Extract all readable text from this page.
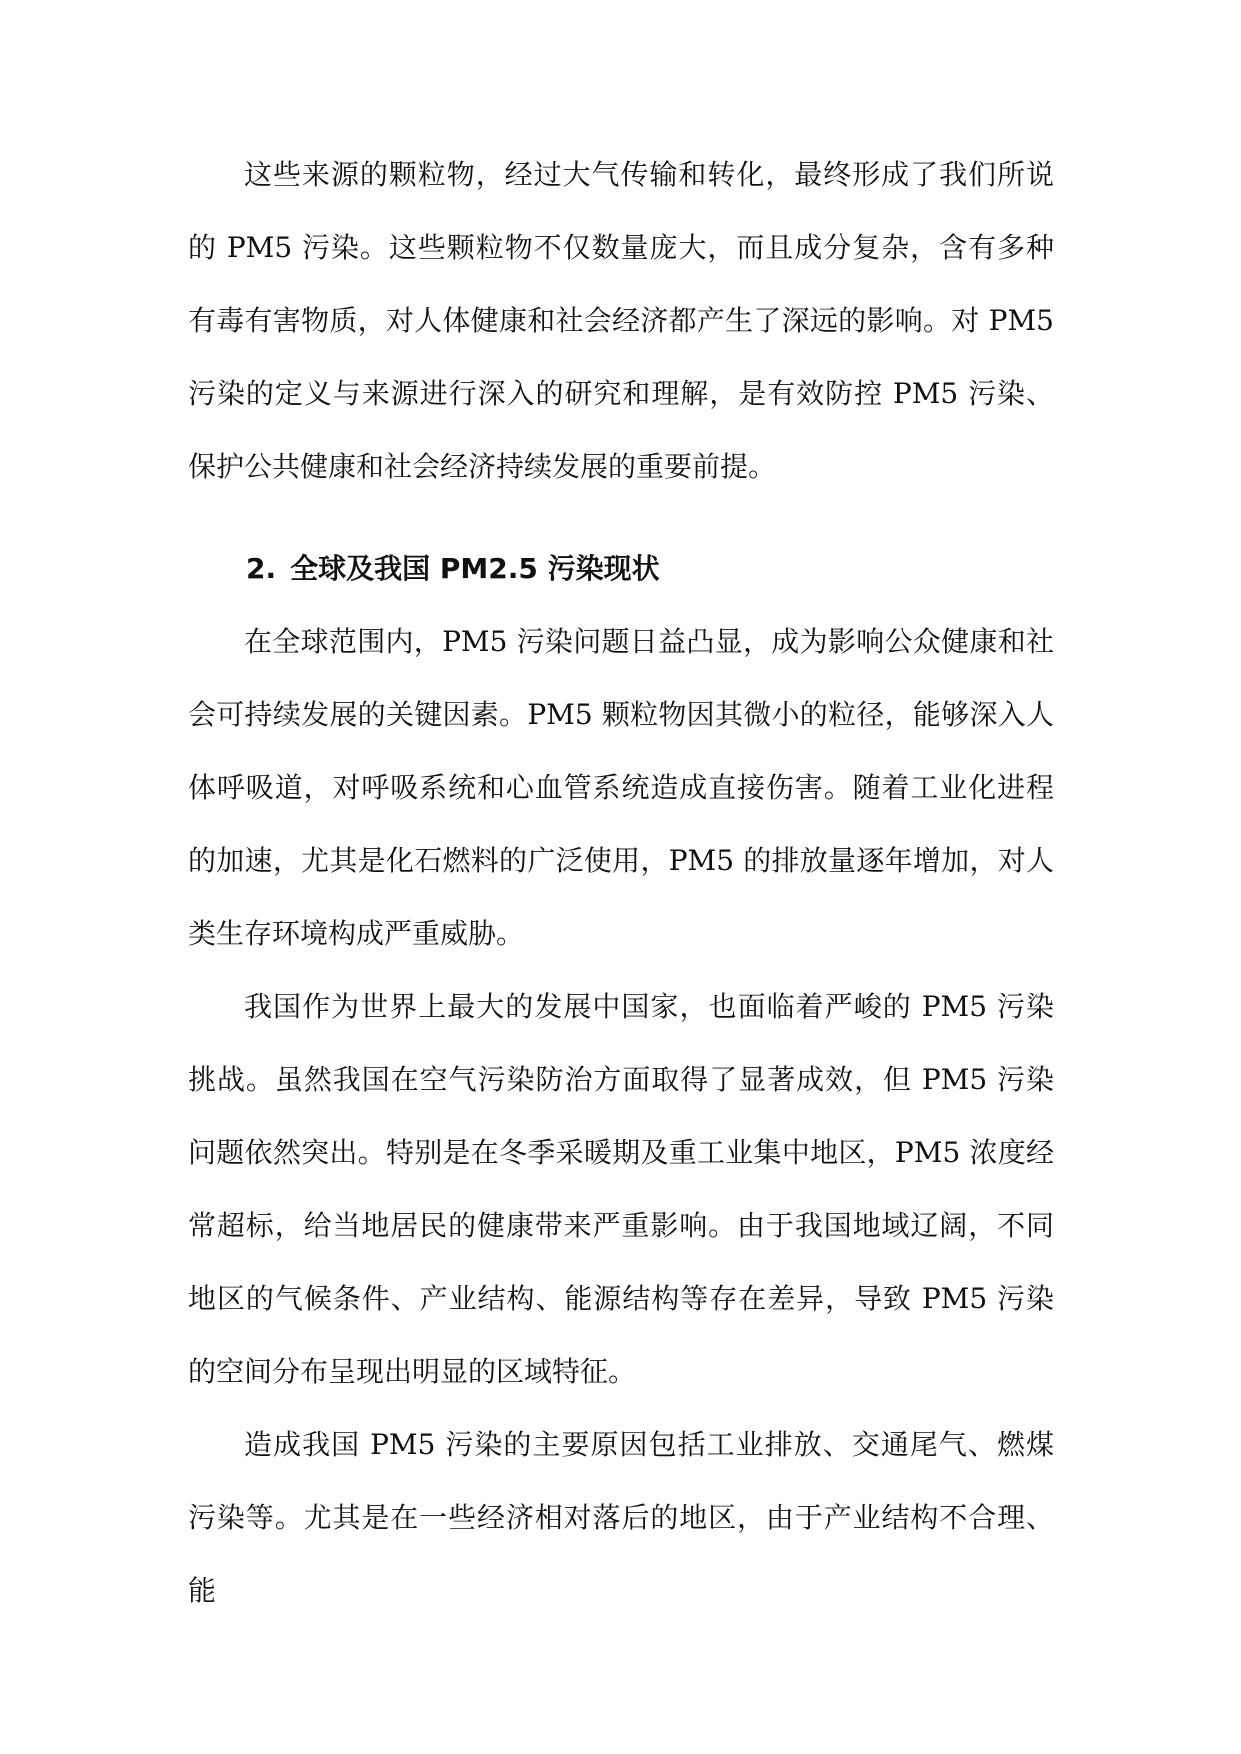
这些来源的颗粒物，经过大气传输和转化，最终形成了我们所说的 PM5 污染。这些颗粒物不仅数量庞大，而且成分复杂，含有多种有毒有害物质，对人体健康和社会经济都产生了深远的影响。对 PM5 污染的定义与来源进行深入的研究和理解，是有效防控 PM5 污染、保护公共健康和社会经济持续发展的重要前提。

2. 全球及我国 PM2.5 污染现状

在全球范围内，PM5 污染问题日益凸显，成为影响公众健康和社会可持续发展的关键因素。PM5 颗粒物因其微小的粒径，能够深入人体呼吸道，对呼吸系统和心血管系统造成直接伤害。随着工业化进程的加速，尤其是化石燃料的广泛使用，PM5 的排放量逐年增加，对人类生存环境构成严重威胁。

我国作为世界上最大的发展中国家，也面临着严峻的 PM5 污染挑战。虽然我国在空气污染防治方面取得了显著成效，但 PM5 污染问题依然突出。特别是在冬季采暖期及重工业集中地区，PM5 浓度经常超标，给当地居民的健康带来严重影响。由于我国地域辽阔，不同地区的气候条件、产业结构、能源结构等存在差异，导致 PM5 污染的空间分布呈现出明显的区域特征。

造成我国 PM5 污染的主要原因包括工业排放、交通尾气、燃煤污染等。尤其是在一些经济相对落后的地区，由于产业结构不合理、能
